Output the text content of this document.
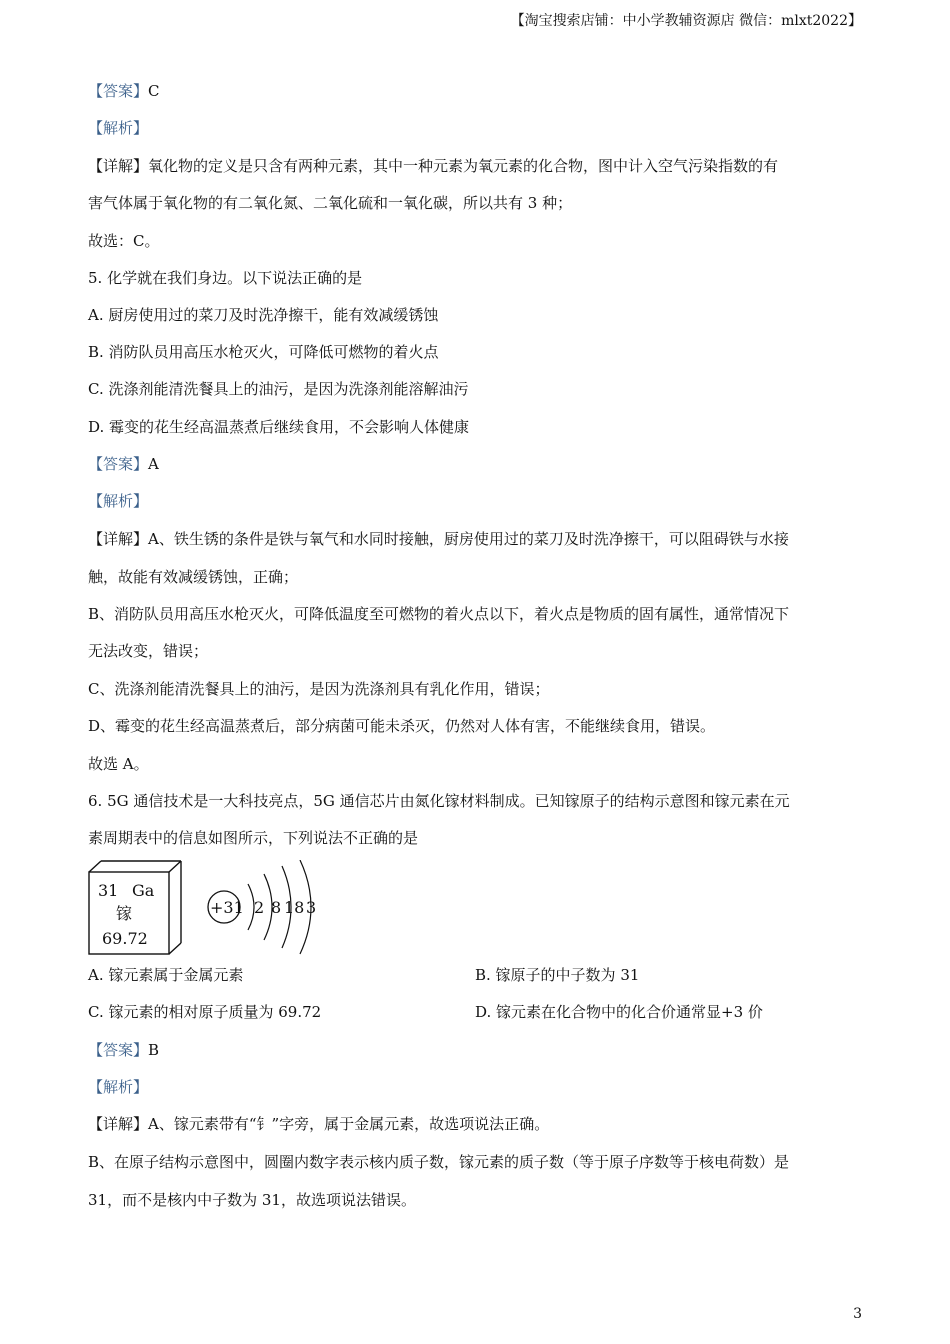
【淘宝搜索店铺：中小学教辅资源店 微信：mlxt2022】
【答案】C
【解析】
【详解】氧化物的定义是只含有两种元素，其中一种元素为氧元素的化合物，图中计入空气污染指数的有
害气体属于氧化物的有二氧化氮、二氧化硫和一氧化碳，所以共有 3 种；
故选：C。
5. 化学就在我们身边。以下说法正确的是
A. 厨房使用过的菜刀及时洗净擦干，能有效减缓锈蚀
B. 消防队员用高压水枪灭火，可降低可燃物的着火点
C. 洗涤剂能清洗餐具上的油污，是因为洗涤剂能溶解油污
D. 霉变的花生经高温蒸煮后继续食用，不会影响人体健康
【答案】A
【解析】
【详解】A、铁生锈的条件是铁与氧气和水同时接触，厨房使用过的菜刀及时洗净擦干，可以阻碍铁与水接
触，故能有效减缓锈蚀，正确；
B、消防队员用高压水枪灭火，可降低温度至可燃物的着火点以下，着火点是物质的固有属性，通常情况下
无法改变，错误；
C、洗涤剂能清洗餐具上的油污，是因为洗涤剂具有乳化作用，错误；
D、霉变的花生经高温蒸煮后，部分病菌可能未杀灭，仍然对人体有害，不能继续食用，错误。
故选 A。
6. 5G 通信技术是一大科技亮点，5G 通信芯片由氮化镓材料制成。已知镓原子的结构示意图和镓元素在元
素周期表中的信息如图所示，下列说法不正确的是
31 Ga
镓
69.72
+31 2 8 18 3
A. 镓元素属于金属元素	B. 镓原子的中子数为 31
C. 镓元素的相对原子质量为 69.72	D. 镓元素在化合物中的化合价通常显+3 价
【答案】B
【解析】
【详解】A、镓元素带有“钅”字旁，属于金属元素，故选项说法正确。
B、在原子结构示意图中，圆圈内数字表示核内质子数，镓元素的质子数（等于原子序数等于核电荷数）是
31，而不是核内中子数为 31，故选项说法错误。
3
